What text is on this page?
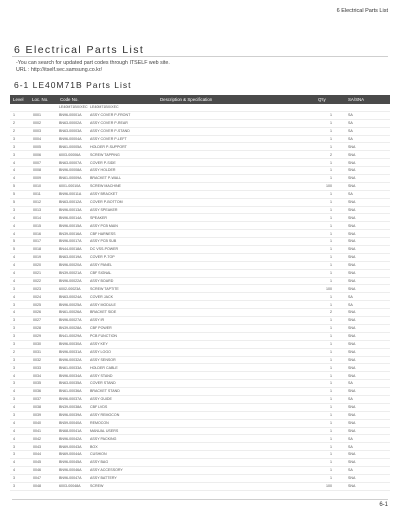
6 Electrical Parts List
6 Electrical Parts List
-You can search for updated part codes through ITSELF web site.
URL : http://itself.sec.samsung.co.kr/
6-1 LE40M71B Parts List
Level	Loc. No.	Code No.	Description & Specification	Q'ty	SA/SNA
LE40M71BX/XEC LE40M71BX/XEC
1	0001	BN96-00001A	ASSY COVER P-FRONT	1	SA
2	0002	BN63-00002A	ASSY COVER P-REAR	1	SA
2	0003	BN63-00003A	ASSY COVER P-STAND	1	SA
3	0004	BN96-00004A	ASSY COVER P-LEFT	1	SA
3	0005	BN61-00005A	HOLDER P-SUPPORT	1	SNA
3	0006	6003-00006A	SCREW TAPPING	2	SNA
4	0007	BN63-00007A	COVER P-SIDE	1	SNA
4	0008	BN96-00008A	ASSY HOLDER	1	SNA
4	0009	BN61-00009A	BRACKET P-WALL	1	SNA
5	0010	6001-00010A	SCREW MACHINE	100	SNA
5	0011	BN96-00011A	ASSY BRACKET	1	SA
5	0012	BN63-00012A	COVER P-BOTTOM	1	SNA
3	0013	BN96-00013A	ASSY SPEAKER	1	SNA
4	0014	BN96-00014A	SPEAKER	1	SNA
4	0015	BN96-00015A	ASSY PCB MAIN	1	SNA
4	0016	BN39-00016A	CBF HARNESS	1	SNA
5	0017	BN96-00017A	ASSY PCB SUB	1	SNA
5	0018	BN44-00018A	DC VSS-POWER	1	SNA
4	0019	BN63-00019A	COVER P-TOP	1	SNA
4	0020	BN96-00020A	ASSY PANEL	1	SNA
4	0021	BN39-00021A	CBF SIGNAL	1	SNA
4	0022	BN96-00022A	ASSY BOARD	1	SNA
3	0023	6002-00023A	SCREW TAPTITE	100	SNA
4	0024	BN63-00024A	COVER JACK	1	SA
3	0025	BN96-00025A	ASSY MODULE	1	SA
4	0026	BN61-00026A	BRACKET SIDE	2	SNA
3	0027	BN96-00027A	ASSY IR	1	SNA
3	0028	BN39-00028A	CBF POWER	1	SNA
3	0029	BN41-00029A	PCB FUNCTION	1	SNA
3	0030	BN96-00030A	ASSY KEY	1	SNA
2	0031	BN96-00031A	ASSY LOGO	1	SNA
3	0032	BN96-00032A	ASSY SENSOR	1	SNA
3	0033	BN61-00033A	HOLDER CABLE	1	SNA
4	0034	BN96-00034A	ASSY STAND	1	SNA
3	0035	BN63-00035A	COVER STAND	1	SA
4	0036	BN61-00036A	BRACKET STAND	1	SNA
3	0037	BN96-00037A	ASSY GUIDE	1	SA
4	0038	BN39-00038A	CBF LVDS	1	SNA
3	0039	BN96-00039A	ASSY REMOCON	1	SNA
4	0040	BN59-00040A	REMOCON	1	SNA
4	0041	BN68-00041A	MANUAL USERS	1	SNA
4	0042	BN96-00042A	ASSY PACKING	1	SA
3	0043	BN69-00043A	BOX	1	SA
3	0044	BN69-00044A	CUSHION	1	SNA
4	0045	BN96-00045A	ASSY BAG	1	SNA
4	0046	BN96-00046A	ASSY ACCESSORY	1	SA
3	0047	BN96-00047A	ASSY BATTERY	1	SNA
3	0048	6003-00048A	SCREW	100	SNA
6-1
